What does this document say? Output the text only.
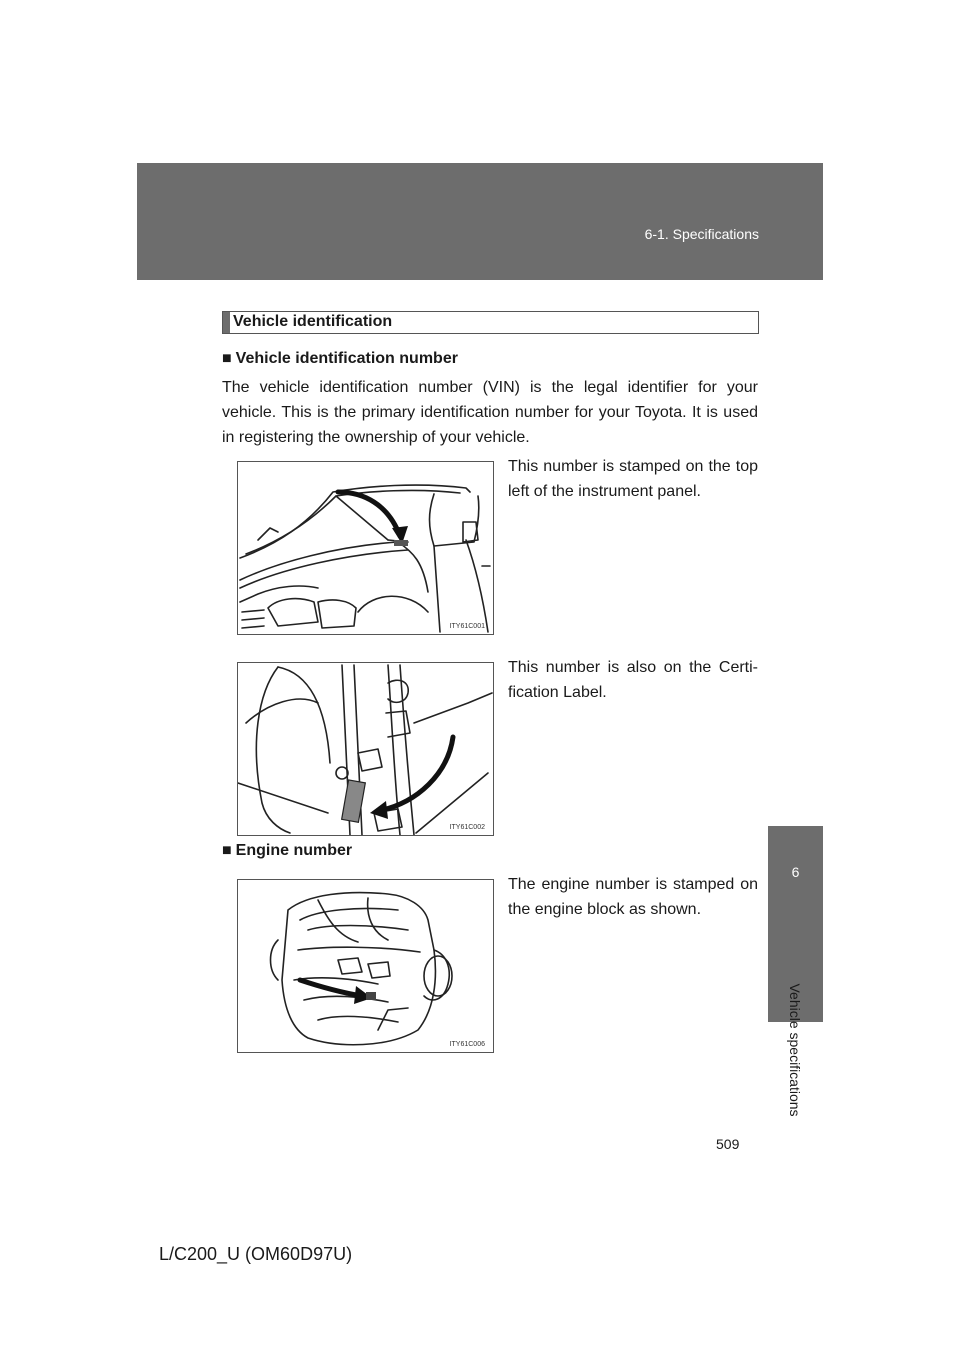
6-1. Specifications
6
Vehicle specifications
Vehicle identification
■ Vehicle identification number
The vehicle identification number (VIN) is the legal identifier for your vehicle. This is the primary identification number for your Toyota. It is used in registering the ownership of your vehicle.
ITY61C001
This number is stamped on the top left of the instrument panel.
ITY61C002
This number is also on the Certi-fication Label.
■ Engine number
ITY61C006
The engine number is stamped on the engine block as shown.
509
L/C200_U (OM60D97U)
